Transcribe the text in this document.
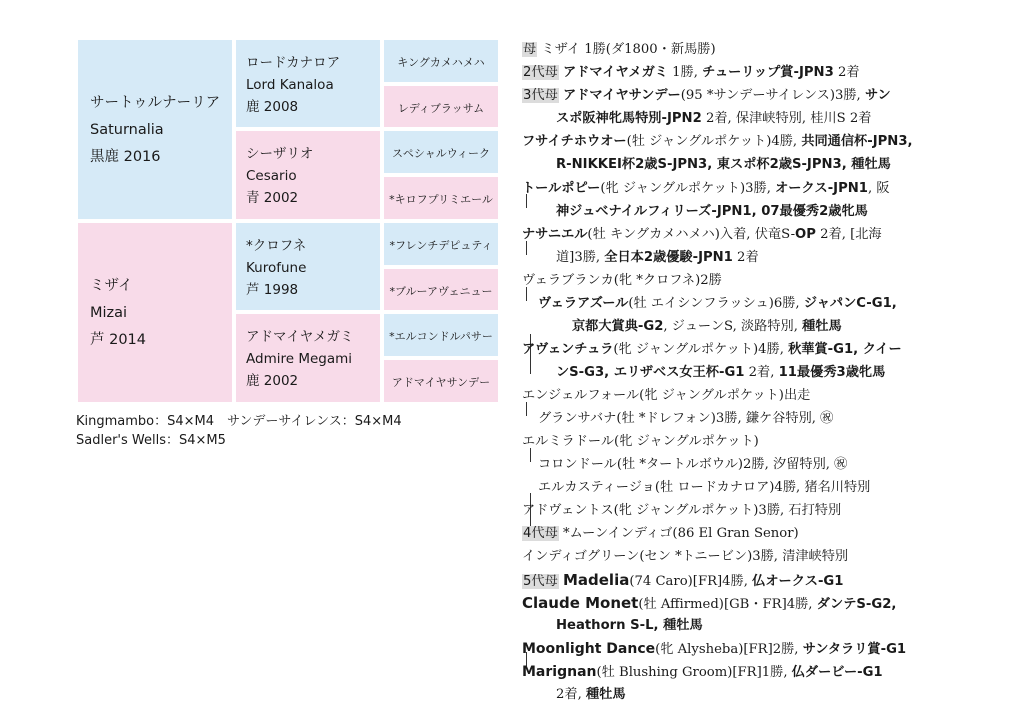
サートゥルナーリア
Saturnalia
黒鹿 2016
ミザイ
Mizai
芦 2014
ロードカナロア
Lord Kanaloa
鹿 2008
シーザリオ
Cesario
青 2002
*クロフネ
Kurofune
芦 1998
アドマイヤメガミ
Admire Megami
鹿 2002
キングカメハメハ
レディブラッサム
スペシャルウィーク
*キロフプリミエール
*フレンチデピュティ
*ブルーアヴェニュー
*エルコンドルパサー
アドマイヤサンデー
Kingmambo：S4×M4　サンデーサイレンス：S4×M4
Sadler's Wells：S4×M5
母 ミザイ 1勝(ダ1800・新馬勝)
2代母 アドマイヤメガミ 1勝, チューリップ賞-JPN3 2着
3代母 アドマイヤサンデー(95 *サンデーサイレンス)3勝, サン
スポ阪神牝馬特別-JPN2 2着, 保津峡特別, 桂川S 2着
フサイチホウオー(牡 ジャングルポケット)4勝, 共同通信杯-JPN3,
R-NIKKEI杯2歳S-JPN3, 東スポ杯2歳S-JPN3, 種牡馬
トールポピー(牝 ジャングルポケット)3勝, オークス-JPN1, 阪
神ジュベナイルフィリーズ-JPN1, 07最優秀2歳牝馬
ナサニエル(牡 キングカメハメハ)入着, 伏竜S-OP 2着, [北海
道]3勝, 全日本2歳優駿-JPN1 2着
ヴェラブランカ(牝 *クロフネ)2勝
ヴェラアズール(牡 エイシンフラッシュ)6勝, ジャパンC-G1,
京都大賞典-G2, ジューンS, 淡路特別, 種牡馬
アヴェンチュラ(牝 ジャングルポケット)4勝, 秋華賞-G1, クイー
ンS-G3, エリザベス女王杯-G1 2着, 11最優秀3歳牝馬
エンジェルフォール(牝 ジャングルポケット)出走
グランサバナ(牡 *ドレフォン)3勝, 鎌ケ谷特別, ㊗
エルミラドール(牝 ジャングルポケット)
コロンドール(牡 *タートルボウル)2勝, 汐留特別, ㊗
エルカスティージョ(牡 ロードカナロア)4勝, 猪名川特別
アドヴェントス(牝 ジャングルポケット)3勝, 石打特別
4代母 *ムーンインディゴ(86 El Gran Senor)
インディゴグリーン(セン *トニービン)3勝, 清津峡特別
5代母 Madelia(74 Caro)[FR]4勝, 仏オークス-G1
Claude Monet(牡 Affirmed)[GB・FR]4勝, ダンテS-G2,
Heathorn S-L, 種牡馬
Moonlight Dance(牝 Alysheba)[FR]2勝, サンタラリ賞-G1
Marignan(牡 Blushing Groom)[FR]1勝, 仏ダービー-G1
2着, 種牡馬
